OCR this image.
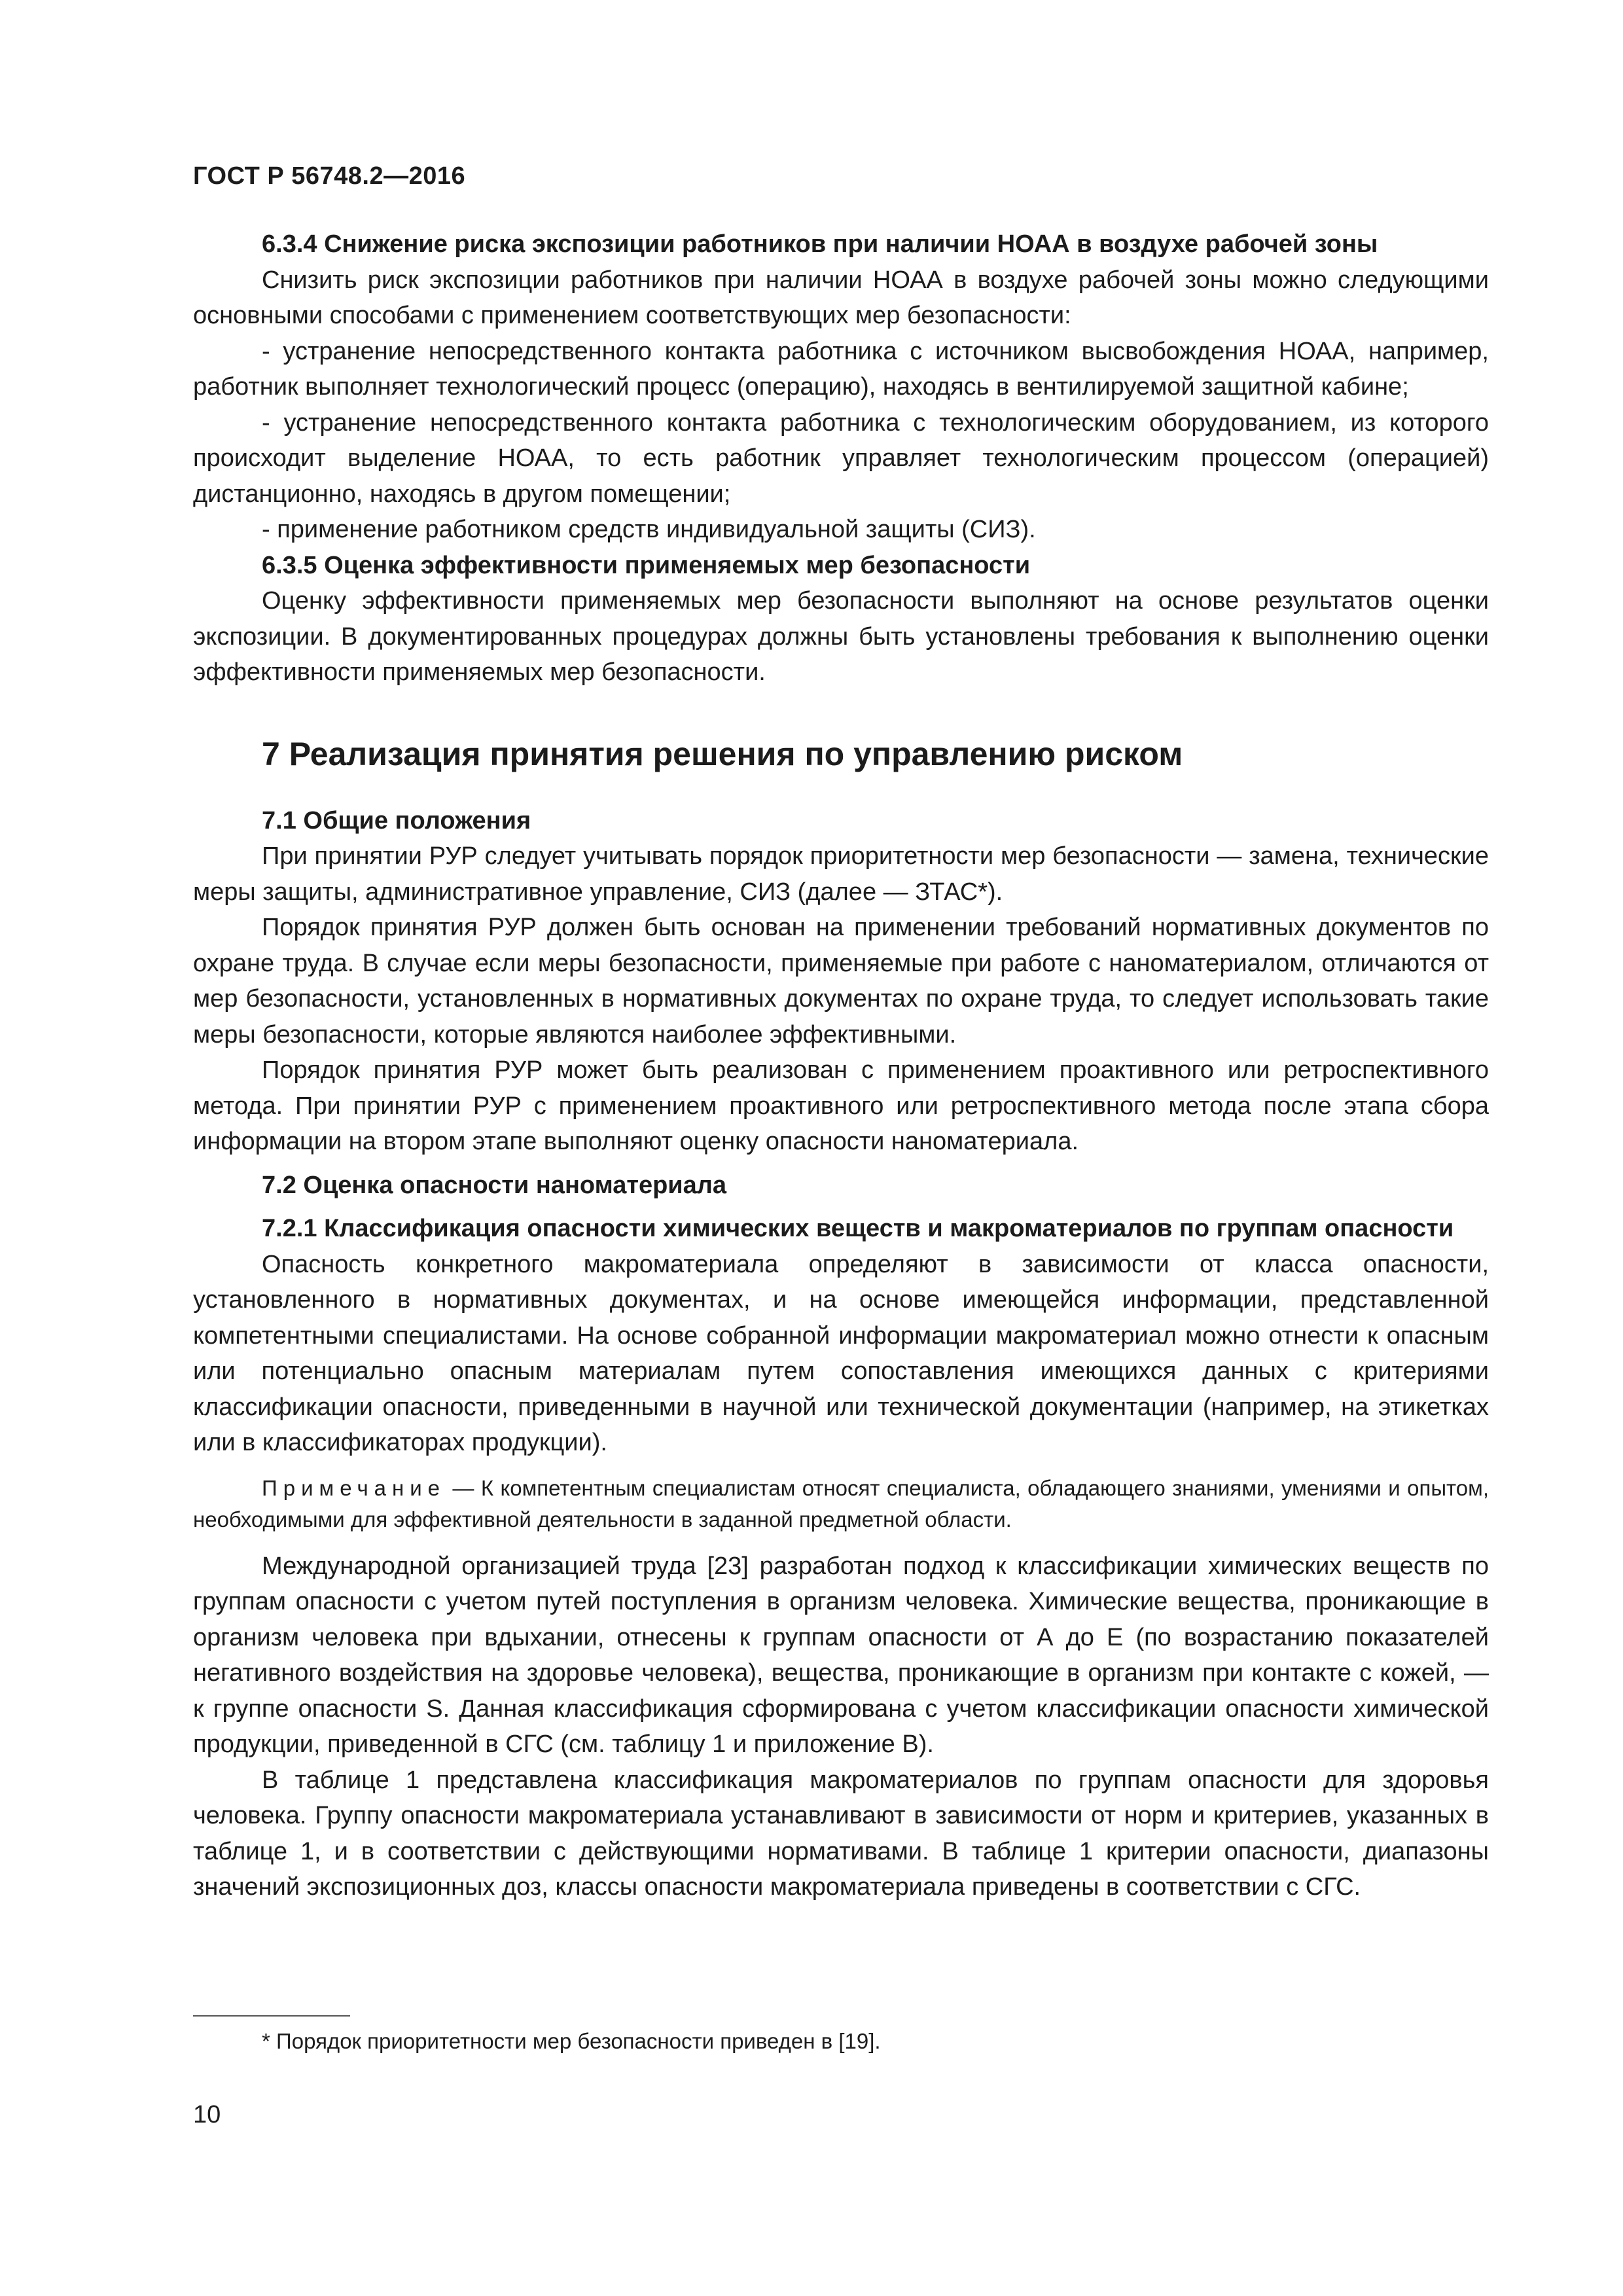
ГОСТ Р 56748.2—2016

6.3.4 Снижение риска экспозиции работников при наличии НОАА в воздухе рабочей зоны

Снизить риск экспозиции работников при наличии НОАА в воздухе рабочей зоны можно следующими основными способами с применением соответствующих мер безопасности:

- устранение непосредственного контакта работника с источником высвобождения НОАА, например, работник выполняет технологический процесс (операцию), находясь в вентилируемой защитной кабине;

- устранение непосредственного контакта работника с технологическим оборудованием, из которого происходит выделение НОАА, то есть работник управляет технологическим процессом (операцией) дистанционно, находясь в другом помещении;

- применение работником средств индивидуальной защиты (СИЗ).

6.3.5 Оценка эффективности применяемых мер безопасности

Оценку эффективности применяемых мер безопасности выполняют на основе результатов оценки экспозиции. В документированных процедурах должны быть установлены требования к выполнению оценки эффективности применяемых мер безопасности.

7 Реализация принятия решения по управлению риском

7.1 Общие положения

При принятии РУР следует учитывать порядок приоритетности мер безопасности — замена, технические меры защиты, административное управление, СИЗ (далее — ЗТАС*).

Порядок принятия РУР должен быть основан на применении требований нормативных документов по охране труда. В случае если меры безопасности, применяемые при работе с наноматериалом, отличаются от мер безопасности, установленных в нормативных документах по охране труда, то следует использовать такие меры безопасности, которые являются наиболее эффективными.

Порядок принятия РУР может быть реализован с применением проактивного или ретроспективного метода. При принятии РУР с применением проактивного или ретроспективного метода после этапа сбора информации на втором этапе выполняют оценку опасности наноматериала.

7.2 Оценка опасности наноматериала

7.2.1 Классификация опасности химических веществ и макроматериалов по группам опасности

Опасность конкретного макроматериала определяют в зависимости от класса опасности, установленного в нормативных документах, и на основе имеющейся информации, представленной компетентными специалистами. На основе собранной информации макроматериал можно отнести к опасным или потенциально опасным материалам путем сопоставления имеющихся данных с критериями классификации опасности, приведенными в научной или технической документации (например, на этикетках или в классификаторах продукции).

Примечание — К компетентным специалистам относят специалиста, обладающего знаниями, умениями и опытом, необходимыми для эффективной деятельности в заданной предметной области.

Международной организацией труда [23] разработан подход к классификации химических веществ по группам опасности с учетом путей поступления в организм человека. Химические вещества, проникающие в организм человека при вдыхании, отнесены к группам опасности от А до Е (по возрастанию показателей негативного воздействия на здоровье человека), вещества, проникающие в организм при контакте с кожей, — к группе опасности S. Данная классификация сформирована с учетом классификации опасности химической продукции, приведенной в СГС (см. таблицу 1 и приложение В).

В таблице 1 представлена классификация макроматериалов по группам опасности для здоровья человека. Группу опасности макроматериала устанавливают в зависимости от норм и критериев, указанных в таблице 1, и в соответствии с действующими нормативами. В таблице 1 критерии опасности, диапазоны значений экспозиционных доз, классы опасности макроматериала приведены в соответствии с СГС.

* Порядок приоритетности мер безопасности приведен в [19].
10
